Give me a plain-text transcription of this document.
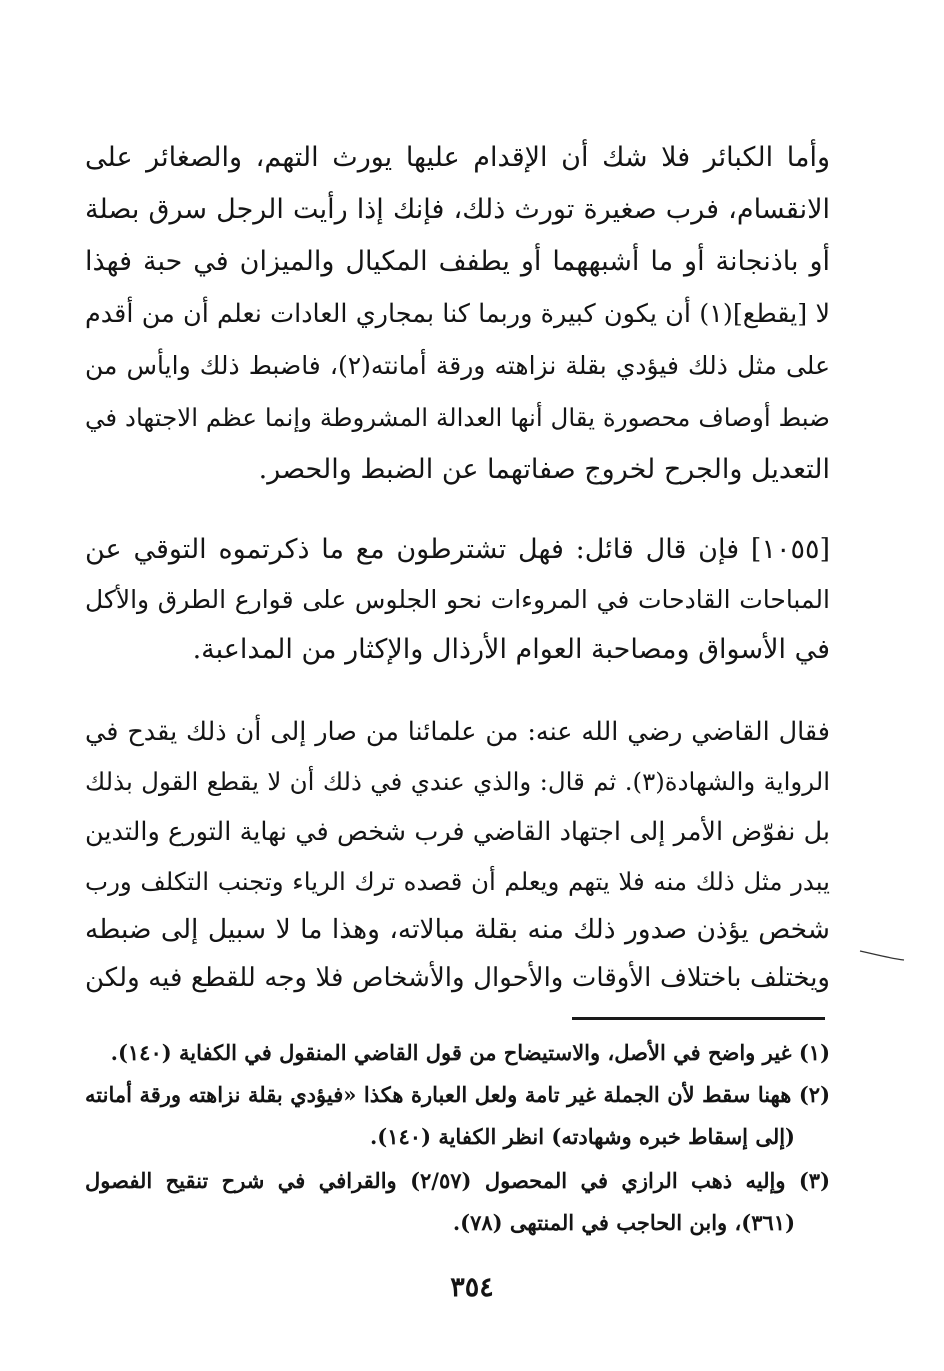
وأما الكبائر فلا شك أن الإقدام عليها يورث التهم، والصغائر على
الانقسام، فرب صغيرة تورث ذلك، فإنك إذا رأيت الرجل سرق بصلة
أو باذنجانة أو ما أشبههما أو يطفف المكيال والميزان في حبة فهذا
لا [يقطع](١) أن يكون كبيرة وربما كنا بمجاري العادات نعلم أن من أقدم
على مثل ذلك فيؤدي بقلة نزاهته ورقة أمانته(٢)، فاضبط ذلك وايأس من
ضبط أوصاف محصورة يقال أنها العدالة المشروطة وإنما عظم الاجتهاد في
التعديل والجرح لخروج صفاتهما عن الضبط والحصر.
[١٠٥٥] فإن قال قائل: فهل تشترطون مع ما ذكرتموه التوقي عن
المباحات القادحات في المروءات نحو الجلوس على قوارع الطرق والأكل
في الأسواق ومصاحبة العوام الأرذال والإكثار من المداعبة.
فقال القاضي رضي الله عنه: من علمائنا من صار إلى أن ذلك يقدح في
الرواية والشهادة(٣). ثم قال: والذي عندي في ذلك أن لا يقطع القول بذلك
بل نفوّض الأمر إلى اجتهاد القاضي فرب شخص في نهاية التورع والتدين
يبدر مثل ذلك منه فلا يتهم ويعلم أن قصده ترك الرياء وتجنب التكلف ورب
شخص يؤذن صدور ذلك منه بقلة مبالاته، وهذا ما لا سبيل إلى ضبطه
ويختلف باختلاف الأوقات والأحوال والأشخاص فلا وجه للقطع فيه ولكن
(١) غير واضح في الأصل، والاستيضاح من قول القاضي المنقول في الكفاية (١٤٠).
(٢) ههنا سقط لأن الجملة غير تامة ولعل العبارة هكذا «فيؤدي بقلة نزاهته ورقة أمانته
(إلى إسقاط خبره وشهادته) انظر الكفاية (١٤٠).
(٣) وإليه ذهب الرازي في المحصول (٢/٥٧) والقرافي في شرح تنقيح الفصول
(٣٦١)، وابن الحاجب في المنتهى (٧٨).
٣٥٤
